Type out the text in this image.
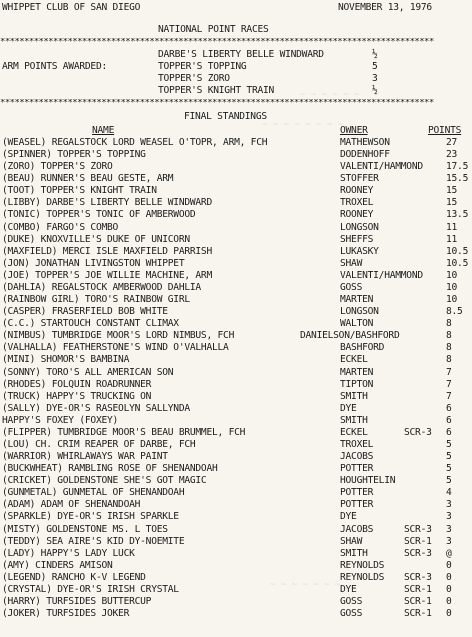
~ ~ ~ ~ ~ ~ ~ ~
~ ~ ~ ~ ~ ~
~ ~ ~ ~ ~ ~ ~
WHIPPET CLUB OF SAN DIEGO	NOVEMBER 13, 1976
NATIONAL POINT RACES
******************************************************************************************
DARBE'S LIBERTY BELLE WINDWARD	½
ARM POINTS AWARDED:	TOPPER'S TOPPING	5
TOPPER'S ZORO	3
TOPPER'S KNIGHT TRAIN	½
******************************************************************************************
FINAL STANDINGS
NAME	OWNER	POINTS
(WEASEL) REGALSTOCK LORD WEASEL O'TOPR, ARM, FCH	MATHEWSON	27
(SPINNER) TOPPER'S TOPPING	DODENHOFF	23
(ZORO) TOPPER'S ZORO	VALENTI/HAMMOND 17.5
(BEAU) RUNNER'S BEAU GESTE, ARM	STOFFER	15.5
(TOOT) TOPPER'S KNIGHT TRAIN	ROONEY	15
(LIBBY) DARBE'S LIBERTY BELLE WINDWARD	TROXEL	15
(TONIC) TOPPER'S TONIC OF AMBERWOOD	ROONEY	13.5
(COMBO) FARGO'S COMBO	LONGSON	11
(DUKE) KNOXVILLE'S DUKE OF UNICORN	SHEFFS	11
(MAXFIELD) MERCI ISLE MAXFIELD PARRISH	LUKASKY	10.5
(JON) JONATHAN LIVINGSTON WHIPPET	SHAW	10.5
(JOE) TOPPER'S JOE WILLIE MACHINE, ARM	VALENTI/HAMMOND 10
(DAHLIA) REGALSTOCK AMBERWOOD DAHLIA	GOSS	10
(RAINBOW GIRL) TORO'S RAINBOW GIRL	MARTEN	10
(CASPER) FRASERFIELD BOB WHITE	LONGSON	8.5
(C.C.) STARTOUCH CONSTANT CLIMAX	WALTON	8
(NIMBUS) TUMBRIDGE MOOR'S LORD NIMBUS, FCH	DANIELSON/BASHFORD	8
(VALHALLA) FEATHERSTONE'S WIND O'VALHALLA	BASHFORD	8
(MINI) SHOMOR'S BAMBINA	ECKEL	8
(SONNY) TORO'S ALL AMERICAN SON	MARTEN	7
(RHODES) FOLQUIN ROADRUNNER	TIPTON	7
(TRUCK) HAPPY'S TRUCKING ON	SMITH	7
(SALLY) DYE-OR'S RASEOLYN SALLYNDA	DYE	6
HAPPY'S FOXEY (FOXEY)	SMITH	6
(FLIPPER) TUMBRIDGE MOOR'S BEAU BRUMMEL, FCH	ECKEL	SCR-3 6
(LOU) CH. CRIM REAPER OF DARBE, FCH	TROXEL	5
(WARRIOR) WHIRLAWAYS WAR PAINT	JACOBS	5
(BUCKWHEAT) RAMBLING ROSE OF SHENANDOAH	POTTER	5
(CRICKET) GOLDENSTONE SHE'S GOT MAGIC	HOUGHTELIN	5
(GUNMETAL) GUNMETAL OF SHENANDOAH	POTTER	4
(ADAM) ADAM OF SHENANDOAH	POTTER	3
(SPARKLE) DYE-OR'S IRISH SPARKLE	DYE	3
(MISTY) GOLDENSTONE MS. L TOES	JACOBS	SCR-3 3
(TEDDY) SEA AIRE'S KID DY-NOEMITE	SHAW	SCR-1 3
(LADY) HAPPY'S LADY LUCK	SMITH	SCR-3 @
(AMY) CINDERS AMISON	REYNOLDS	0
(LEGEND) RANCHO K-V LEGEND	REYNOLDS SCR-3 0
(CRYSTAL) DYE-OR'S IRISH CRYSTAL	DYE	SCR-1 0
(HARRY) TURFSIDES BUTTERCUP	GOSS	SCR-1 0
(JOKER) TURFSIDES JOKER	GOSS	SCR-1 0
